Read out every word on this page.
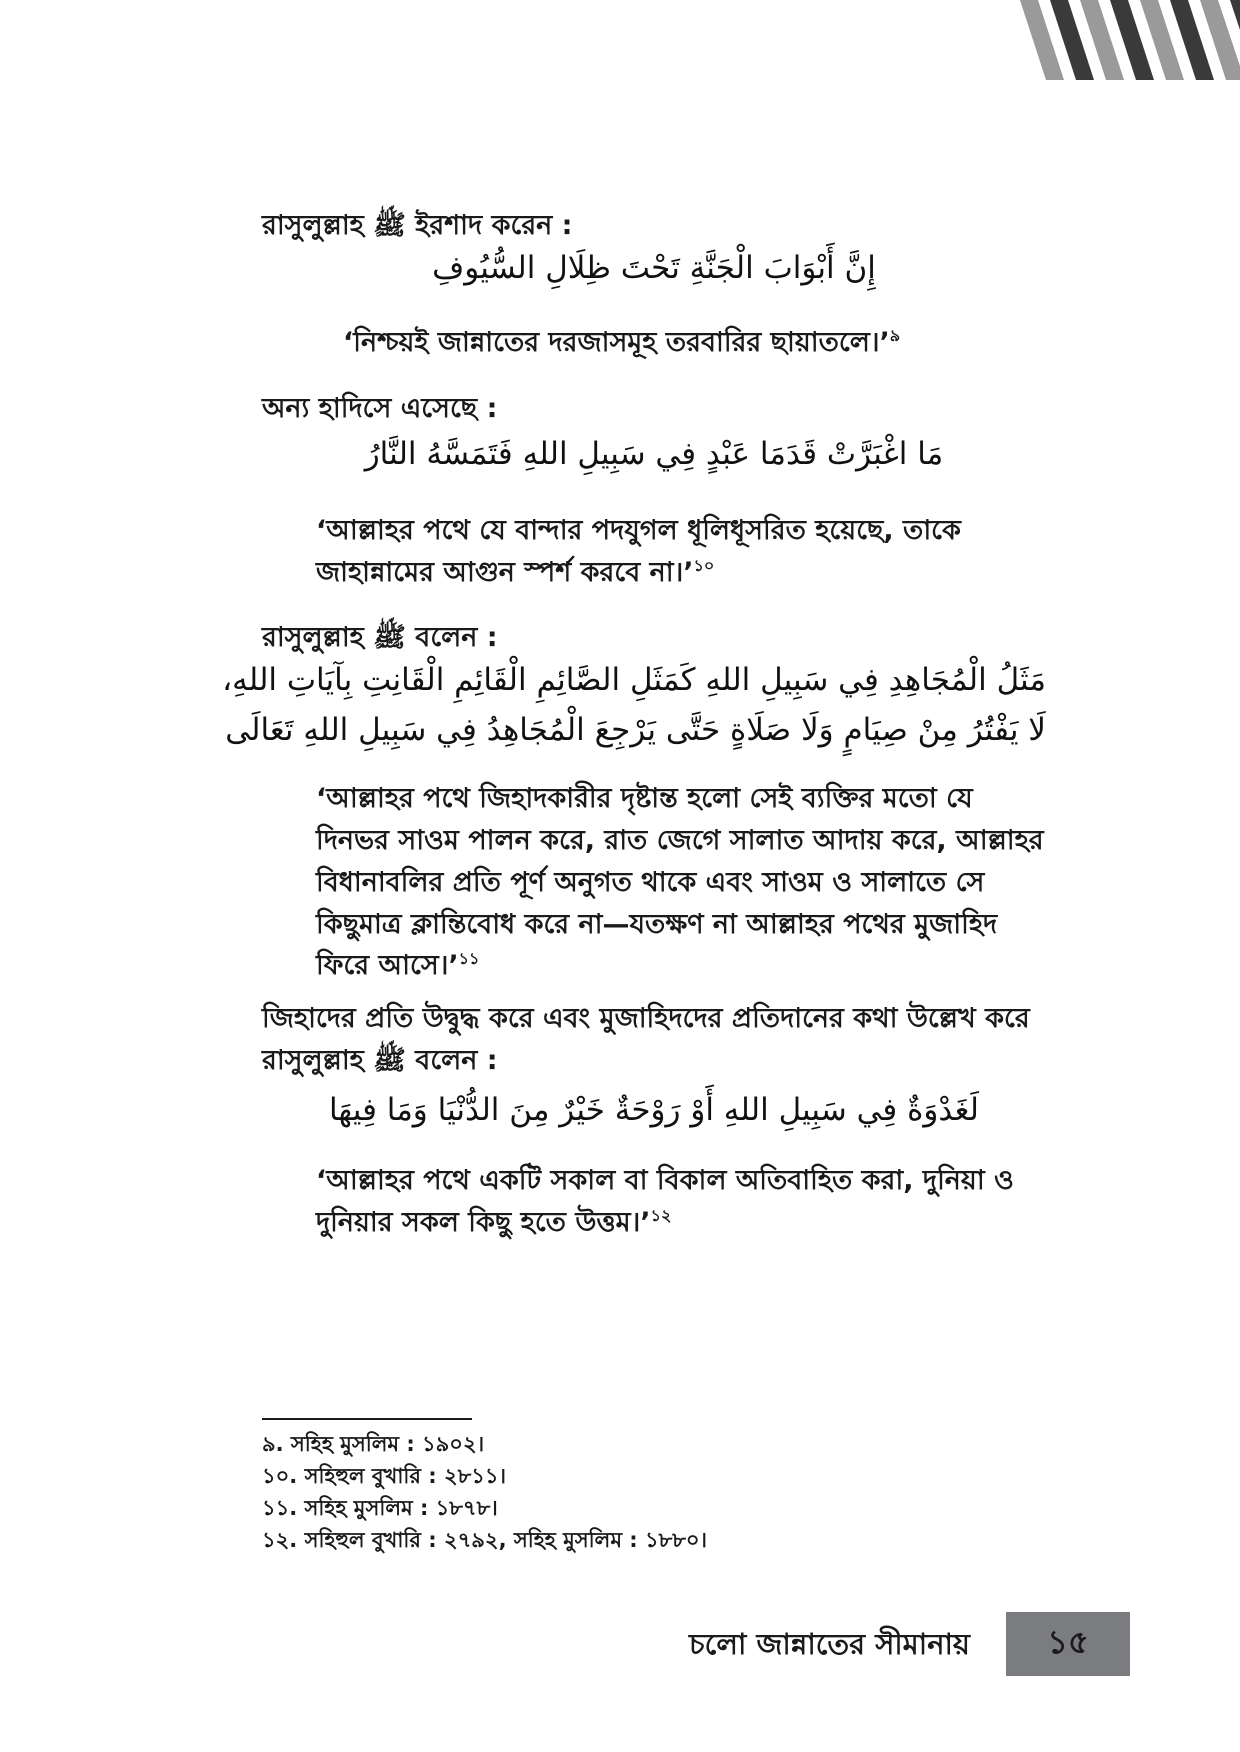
রাসুলুল্লাহ ﷺ ইরশাদ করেন :
إِنَّ أَبْوَابَ الْجَنَّةِ تَحْتَ ظِلَالِ السُّيُوفِ
‘নিশ্চয়ই জান্নাতের দরজাসমূহ তরবারির ছায়াতলে।’$^৯$
অন্য হাদিসে এসেছে :
مَا اغْبَرَّتْ قَدَمَا عَبْدٍ فِي سَبِيلِ اللهِ فَتَمَسَّهُ النَّارُ
‘আল্লাহর পথে যে বান্দার পদযুগল ধূলিধূসরিত হয়েছে, তাকে
জাহান্নামের আগুন স্পর্শ করবে না।’$^{১০}$
রাসুলুল্লাহ ﷺ বলেন :
مَثَلُ الْمُجَاهِدِ فِي سَبِيلِ اللهِ كَمَثَلِ الصَّائِمِ الْقَائِمِ الْقَانِتِ بِآيَاتِ اللهِ،
لَا يَفْتُرُ مِنْ صِيَامٍ وَلَا صَلَاةٍ حَتَّى يَرْجِعَ الْمُجَاهِدُ فِي سَبِيلِ اللهِ تَعَالَى
‘আল্লাহর পথে জিহাদকারীর দৃষ্টান্ত হলো সেই ব্যক্তির মতো যে
দিনভর সাওম পালন করে, রাত জেগে সালাত আদায় করে, আল্লাহর
বিধানাবলির প্রতি পূর্ণ অনুগত থাকে এবং সাওম ও সালাতে সে
কিছুমাত্র ক্লান্তিবোধ করে না—যতক্ষণ না আল্লাহর পথের মুজাহিদ
ফিরে আসে।’$^{১১}$
জিহাদের প্রতি উদ্বুদ্ধ করে এবং মুজাহিদদের প্রতিদানের কথা উল্লেখ করে
রাসুলুল্লাহ ﷺ বলেন :
لَغَدْوَةٌ فِي سَبِيلِ اللهِ أَوْ رَوْحَةٌ خَيْرٌ مِنَ الدُّنْيَا وَمَا فِيهَا
‘আল্লাহর পথে একটি সকাল বা বিকাল অতিবাহিত করা, দুনিয়া ও
দুনিয়ার সকল কিছু হতে উত্তম।’$^{১২}$
৯. সহিহ মুসলিম : ১৯০২।
১০. সহিহুল বুখারি : ২৮১১।
১১. সহিহ মুসলিম : ১৮৭৮।
১২. সহিহুল বুখারি : ২৭৯২, সহিহ মুসলিম : ১৮৮০।
চলো জান্নাতের সীমানায় ১৫
